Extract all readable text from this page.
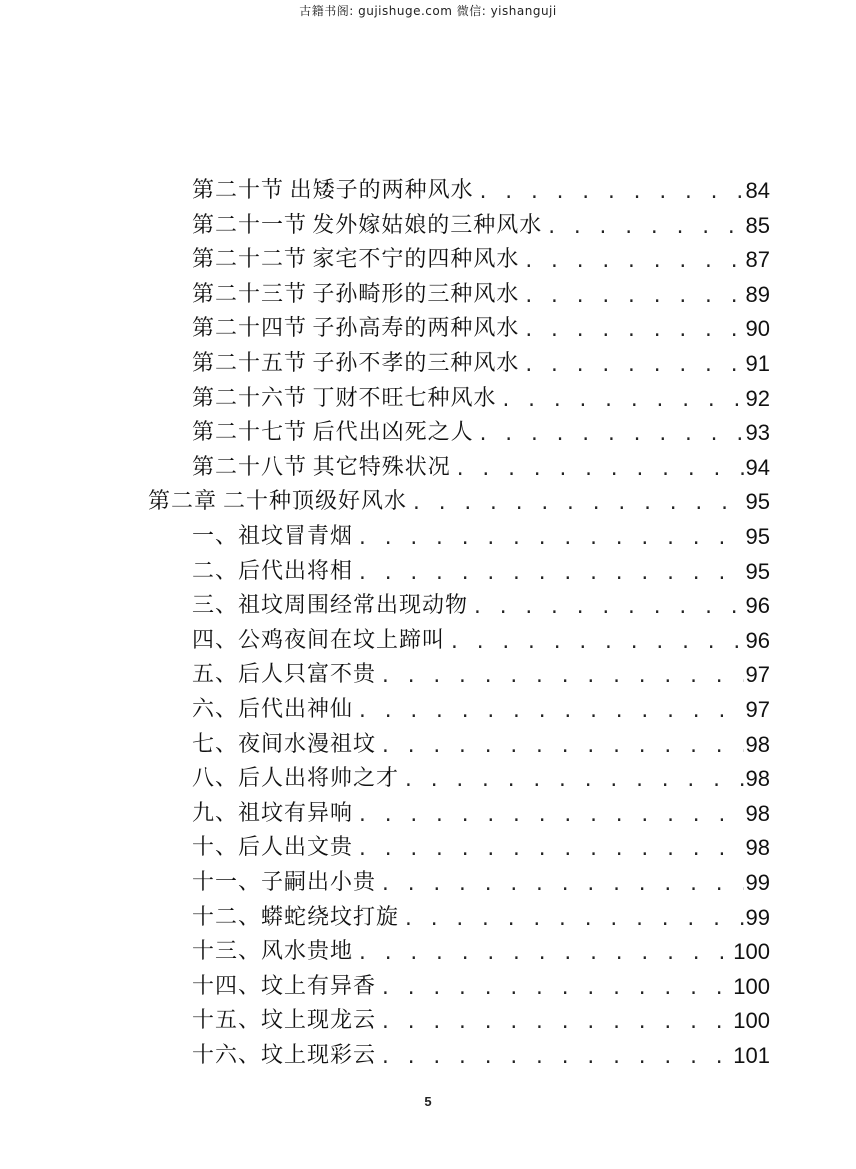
古籍书阁: gujishuge.com 微信: yishanguji
第二十节 出矮子的两种风水 . . .	84
第二十一节 发外嫁姑娘的三种风水 . . .	85
第二十二节 家宅不宁的四种风水 . . .	87
第二十三节 子孙畸形的三种风水 . . .	89
第二十四节 子孙高寿的两种风水 . . .	90
第二十五节 子孙不孝的三种风水 . . .	91
第二十六节 丁财不旺七种风水 . . .	92
第二十七节 后代出凶死之人 . . .	93
第二十八节 其它特殊状况 . . .	94
第二章 二十种顶级好风水 . . .	95
一、祖坟冒青烟 . . .	95
二、后代出将相 . . .	95
三、祖坟周围经常出现动物 . . .	96
四、公鸡夜间在坟上蹄叫 . . .	96
五、后人只富不贵 . . .	97
六、后代出神仙 . . .	97
七、夜间水漫祖坟 . . .	98
八、后人出将帅之才 . . .	98
九、祖坟有异响 . . .	98
十、后人出文贵 . . .	98
十一、子嗣出小贵 . . .	99
十二、蟒蛇绕坟打旋 . . .	99
十三、风水贵地 . . .	100
十四、坟上有异香 . . .	100
十五、坟上现龙云 . . .	100
十六、坟上现彩云 . . .	101
5
